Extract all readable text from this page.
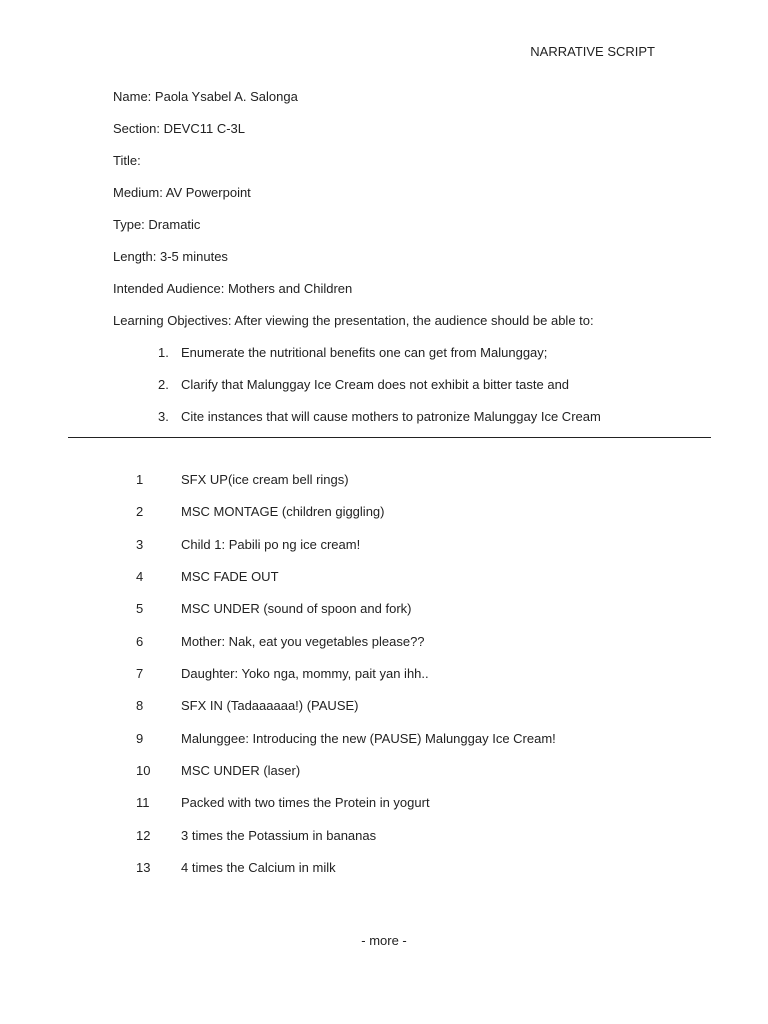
NARRATIVE SCRIPT
Name: Paola Ysabel A. Salonga
Section: DEVC11 C-3L
Title:
Medium: AV Powerpoint
Type: Dramatic
Length: 3-5 minutes
Intended Audience: Mothers and Children
Learning Objectives: After viewing the presentation, the audience should be able to:
1. Enumerate the nutritional benefits one can get from Malunggay;
2. Clarify that Malunggay Ice Cream does not exhibit a bitter taste and
3. Cite instances that will cause mothers to patronize Malunggay Ice Cream
1	SFX UP(ice cream bell rings)
2	MSC MONTAGE (children giggling)
3	Child 1: Pabili po ng ice cream!
4	MSC FADE OUT
5	MSC UNDER (sound of spoon and fork)
6	Mother: Nak, eat you vegetables please??
7	Daughter: Yoko nga, mommy, pait yan ihh..
8	SFX IN (Tadaaaaaa!) (PAUSE)
9	Malunggee: Introducing the new (PAUSE) Malunggay Ice Cream!
10 MSC UNDER (laser)
11 Packed with two times the Protein in yogurt
12 3 times the Potassium in bananas
13 4 times the Calcium in milk
- more -
